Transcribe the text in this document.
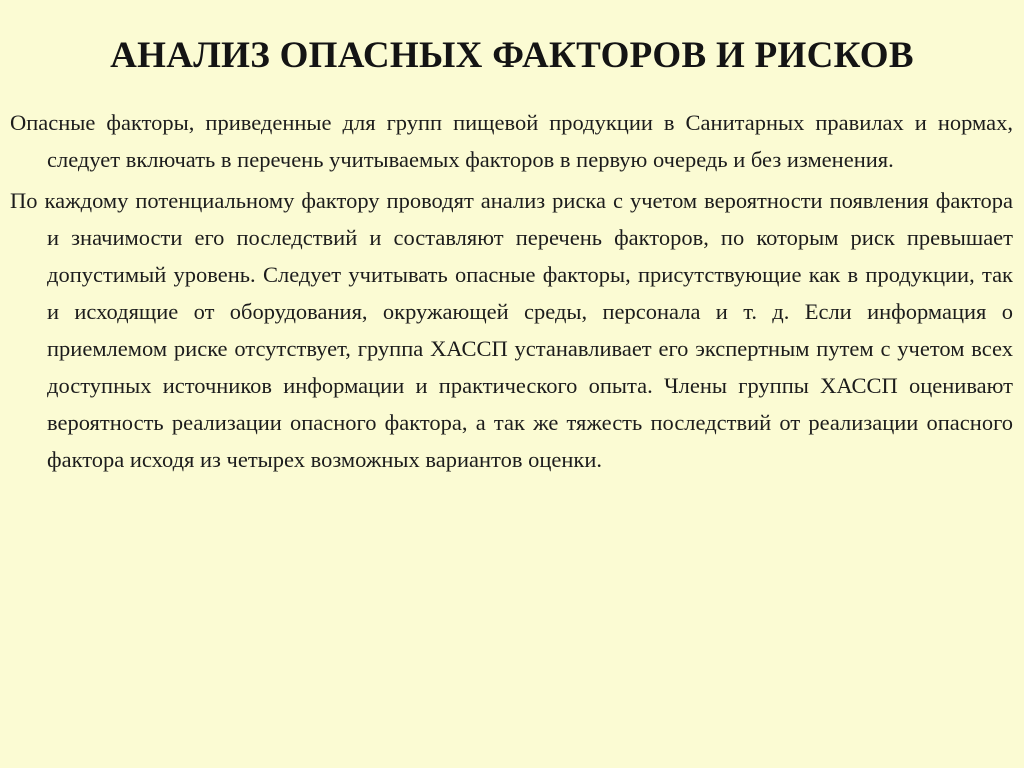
АНАЛИЗ ОПАСНЫХ ФАКТОРОВ И РИСКОВ

Опасные факторы, приведенные для групп пищевой продукции в Санитарных правилах и нормах, следует включать в перечень учитываемых факторов в первую очередь и без изменения.

По каждому потенциальному фактору проводят анализ риска с учетом вероятности появления фактора и значимости его последствий и составляют перечень факторов, по которым риск превышает допустимый уровень. Следует учитывать опасные факторы, присутствующие как в продукции, так и исходящие от оборудования, окружающей среды, персонала и т. д. Если информация о приемлемом риске отсутствует, группа ХАССП устанавливает его экспертным путем с учетом всех доступных источников информации и практического опыта. Члены группы ХАССП оценивают вероятность реализации опасного фактора, а так же тяжесть последствий от реализации опасного фактора исходя из четырех возможных вариантов оценки.
